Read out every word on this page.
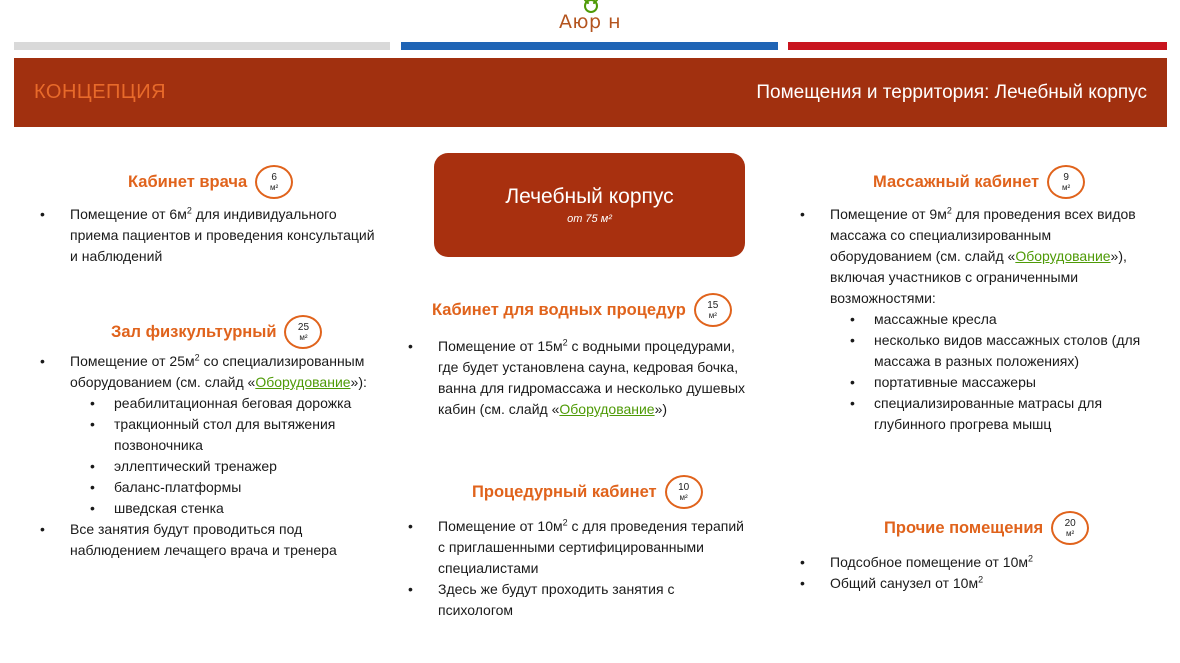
Аюр н
КОНЦЕПЦИЯ	Помещения и территория: Лечебный корпус
Лечебный корпус
от 75 м²
Кабинет врача 6
м²
• Помещение от $6м^2$ для индивидуального приема пациентов и проведения консультаций и наблюдений
Зал физкультурный 25
м²
• Помещение от $25м^2$ со специализированным оборудованием (см. слайд «Оборудование»):
• реабилитационная беговая дорожка
• тракционный стол для вытяжения позвоночника
• эллептический тренажер
• баланс-платформы
• шведская стенка
• Все занятия будут проводиться под наблюдением лечащего врача и тренера
Кабинет для водных процедур 15
м²
• Помещение от $15м^2$ с водными процедурами, где будет установлена сауна, кедровая бочка, ванна для гидромассажа и несколько душевых кабин (см. слайд «Оборудование»)
Процедурный кабинет 10
м²
• Помещение от $10м^2$ с для проведения терапий с приглашенными сертифицированными специалистами
• Здесь же будут проходить занятия с психологом
Массажный кабинет 9
м²
• Помещение от $9м^2$ для проведения всех видов массажа со специализированным оборудованием (см. слайд «Оборудование»), включая участников с ограниченными возможностями:
• массажные кресла
• несколько видов массажных столов (для массажа в разных положениях)
• портативные массажеры
• специализированные матрасы для глубинного прогрева мышц
Прочие помещения 20
м²
• Подсобное помещение от $10м^2$
• Общий санузел от $10м^2$
